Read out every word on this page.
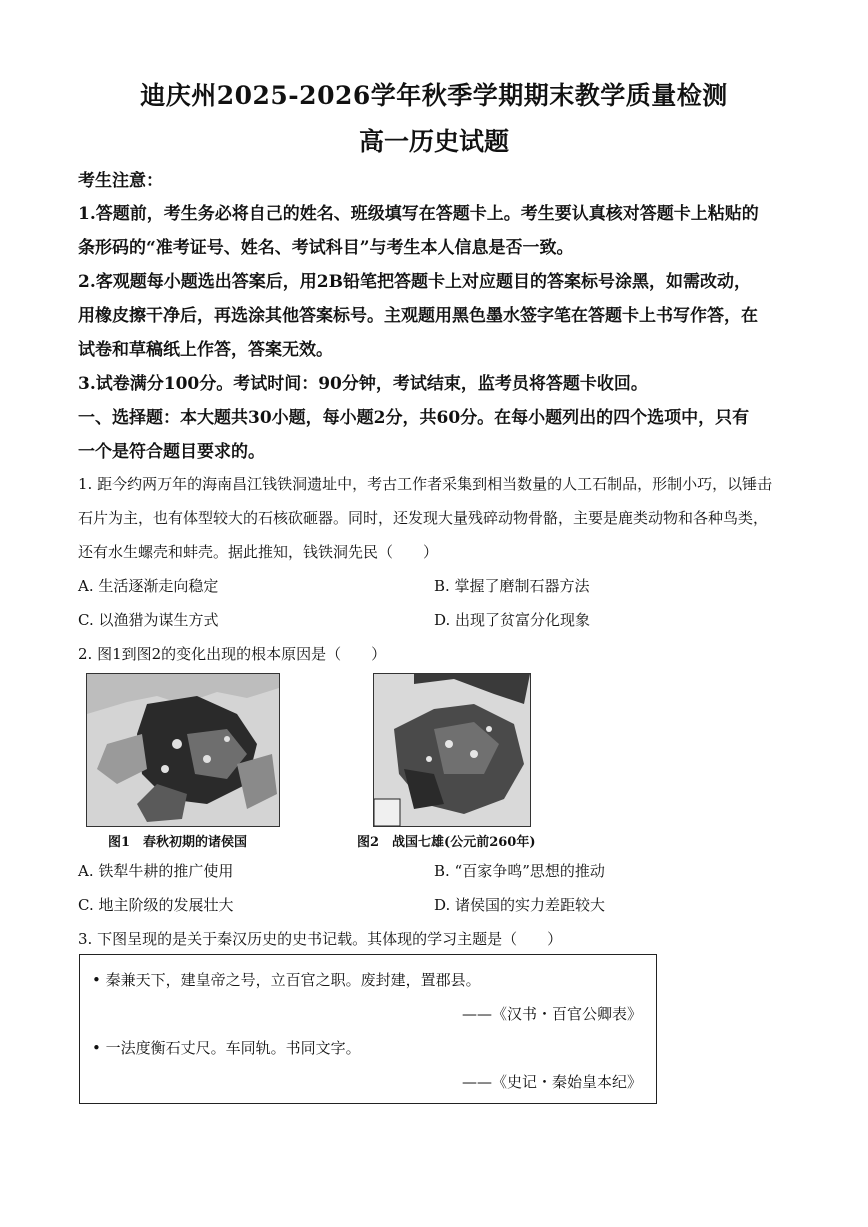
迪庆州2025-2026学年秋季学期期末教学质量检测
高一历史试题
考生注意：
1.答题前，考生务必将自己的姓名、班级填写在答题卡上。考生要认真核对答题卡上粘贴的
条形码的“准考证号、姓名、考试科目”与考生本人信息是否一致。
2.客观题每小题选出答案后，用2B铅笔把答题卡上对应题目的答案标号涂黑，如需改动，
用橡皮擦干净后，再选涂其他答案标号。主观题用黑色墨水签字笔在答题卡上书写作答，在
试卷和草稿纸上作答，答案无效。
3.试卷满分100分。考试时间：90分钟，考试结束，监考员将答题卡收回。
一、选择题：本大题共30小题，每小题2分，共60分。在每小题列出的四个选项中，只有
一个是符合题目要求的。
1. 距今约两万年的海南昌江钱铁洞遗址中，考古工作者采集到相当数量的人工石制品，形制小巧，以锤击
石片为主，也有体型较大的石核砍砸器。同时，还发现大量残碎动物骨骼，主要是鹿类动物和各种鸟类，
还有水生螺壳和蚌壳。据此推知，钱铁洞先民（　　）
A. 生活逐渐走向稳定	B. 掌握了磨制石器方法
C. 以渔猎为谋生方式	D. 出现了贫富分化现象
2. 图1到图2的变化出现的根本原因是（　　）
图1　春秋初期的诸侯国	图2　战国七雄(公元前260年)
A. 铁犁牛耕的推广使用	B. “百家争鸣”思想的推动
C. 地主阶级的发展壮大	D. 诸侯国的实力差距较大
3. 下图呈现的是关于秦汉历史的史书记载。其体现的学习主题是（　　）
• 秦兼天下，建皇帝之号，立百官之职。废封建，置郡县。
——《汉书・百官公卿表》
• 一法度衡石丈尺。车同轨。书同文字。
——《史记・秦始皇本纪》
